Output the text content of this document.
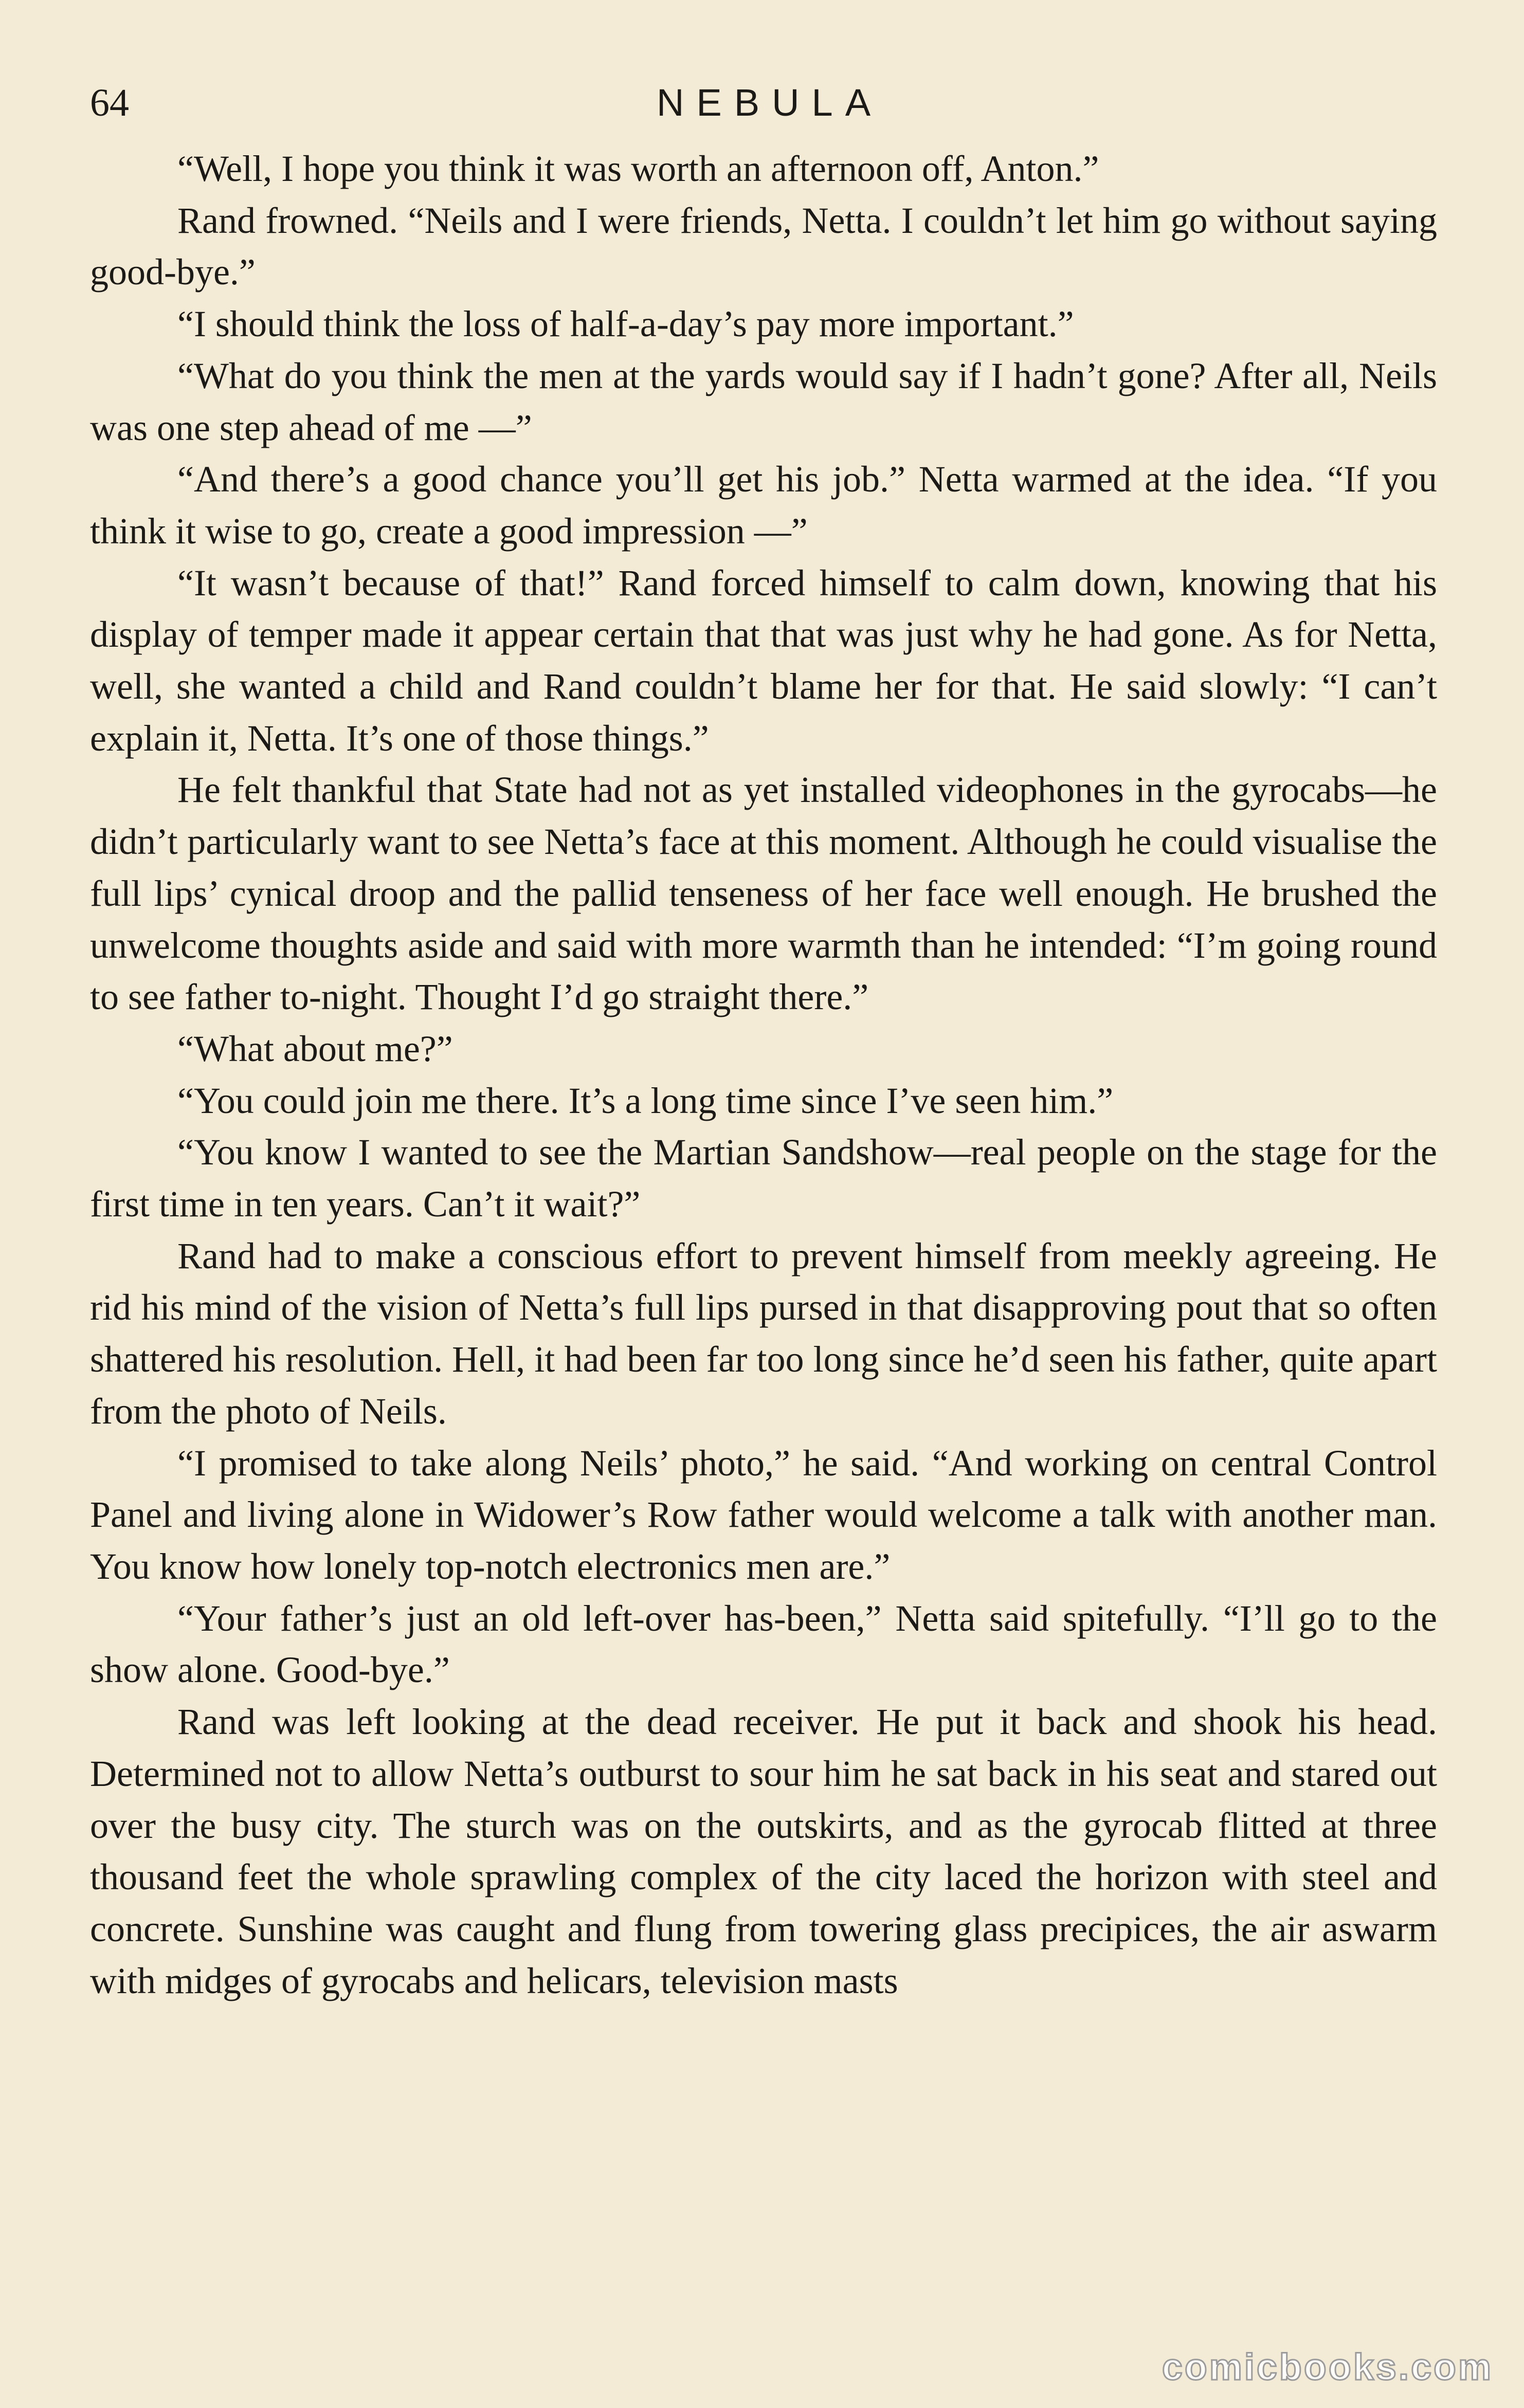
64	NEBULA

“Well, I hope you think it was worth an afternoon off, Anton.”

Rand frowned. “Neils and I were friends, Netta. I couldn’t let him go without saying good-bye.”

“I should think the loss of half-a-day’s pay more important.”

“What do you think the men at the yards would say if I hadn’t gone? After all, Neils was one step ahead of me —”

“And there’s a good chance you’ll get his job.” Netta warmed at the idea. “If you think it wise to go, create a good impression —”

“It wasn’t because of that!” Rand forced himself to calm down, knowing that his display of temper made it appear certain that that was just why he had gone. As for Netta, well, she wanted a child and Rand couldn’t blame her for that. He said slowly: “I can’t explain it, Netta. It’s one of those things.”

He felt thankful that State had not as yet installed videophones in the gyrocabs—he didn’t particularly want to see Netta’s face at this moment. Although he could visualise the full lips’ cynical droop and the pallid tenseness of her face well enough. He brushed the unwelcome thoughts aside and said with more warmth than he intended: “I’m going round to see father to-night. Thought I’d go straight there.”

“What about me?”

“You could join me there. It’s a long time since I’ve seen him.”

“You know I wanted to see the Martian Sandshow—real people on the stage for the first time in ten years. Can’t it wait?”

Rand had to make a conscious effort to prevent himself from meekly agreeing. He rid his mind of the vision of Netta’s full lips pursed in that disapproving pout that so often shattered his resolution. Hell, it had been far too long since he’d seen his father, quite apart from the photo of Neils.

“I promised to take along Neils’ photo,” he said. “And working on central Control Panel and living alone in Widower’s Row father would welcome a talk with another man. You know how lonely top-notch electronics men are.”

“Your father’s just an old left-over has-been,” Netta said spitefully. “I’ll go to the show alone. Good-bye.”

Rand was left looking at the dead receiver. He put it back and shook his head. Determined not to allow Netta’s outburst to sour him he sat back in his seat and stared out over the busy city. The sturch was on the outskirts, and as the gyrocab flitted at three thousand feet the whole sprawling complex of the city laced the horizon with steel and concrete. Sunshine was caught and flung from towering glass precipices, the air aswarm with midges of gyrocabs and helicars, television masts

comicbooks.com
